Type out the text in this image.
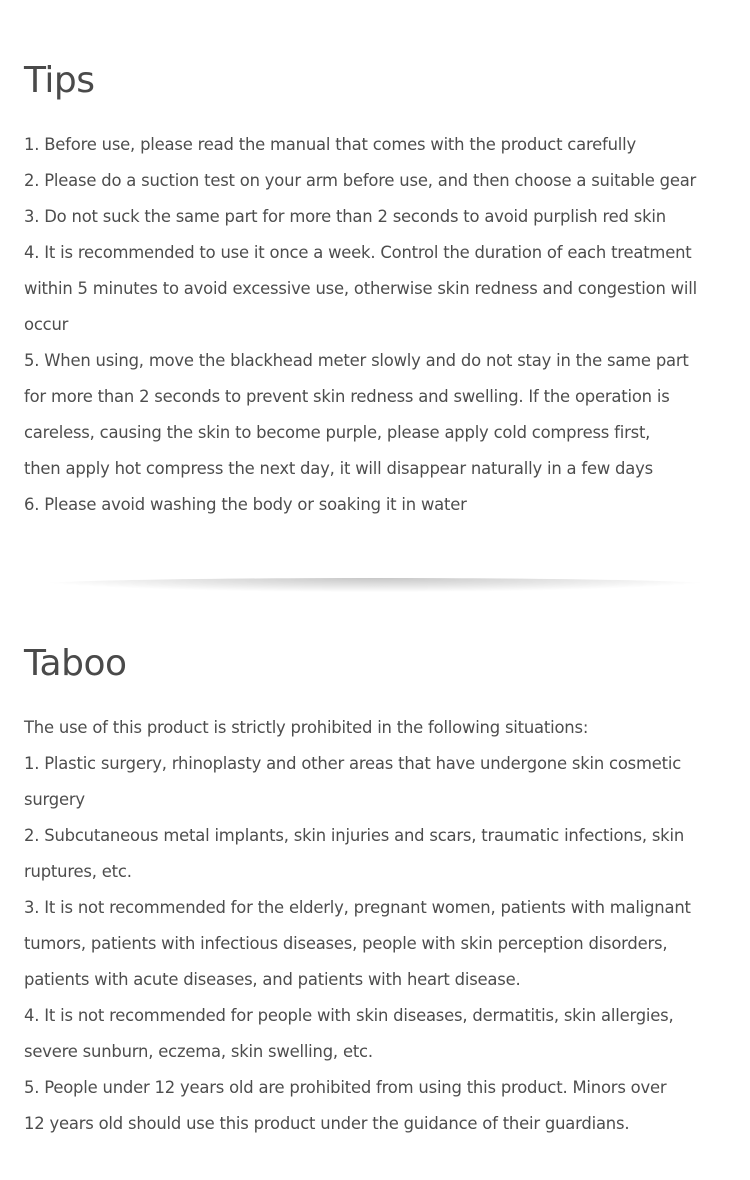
Tips

1. Before use, please read the manual that comes with the product carefully

2. Please do a suction test on your arm before use, and then choose a suitable gear

3. Do not suck the same part for more than 2 seconds to avoid purplish red skin

4. It is recommended to use it once a week. Control the duration of each treatment

within 5 minutes to avoid excessive use, otherwise skin redness and congestion will

occur

5. When using, move the blackhead meter slowly and do not stay in the same part

for more than 2 seconds to prevent skin redness and swelling. If the operation is

careless, causing the skin to become purple, please apply cold compress first,

then apply hot compress the next day, it will disappear naturally in a few days

6. Please avoid washing the body or soaking it in water

Taboo

The use of this product is strictly prohibited in the following situations:

1. Plastic surgery, rhinoplasty and other areas that have undergone skin cosmetic

surgery

2. Subcutaneous metal implants, skin injuries and scars, traumatic infections, skin

ruptures, etc.

3. It is not recommended for the elderly, pregnant women, patients with malignant

tumors, patients with infectious diseases, people with skin perception disorders,

patients with acute diseases, and patients with heart disease.

4. It is not recommended for people with skin diseases, dermatitis, skin allergies,

severe sunburn, eczema, skin swelling, etc.

5. People under 12 years old are prohibited from using this product. Minors over

12 years old should use this product under the guidance of their guardians.
